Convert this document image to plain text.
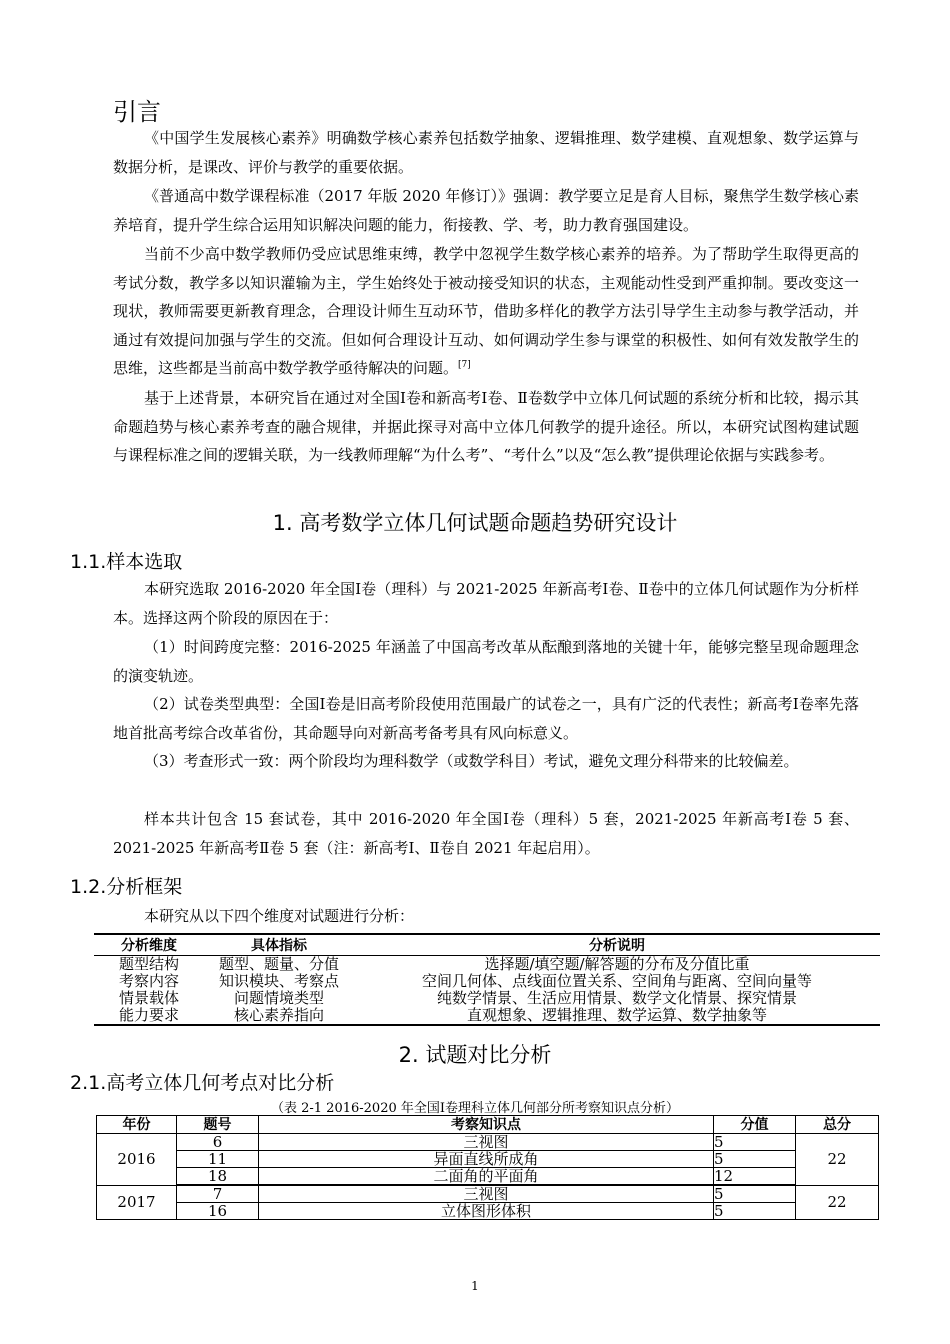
引言

《中国学生发展核心素养》明确数学核心素养包括数学抽象、逻辑推理、数学建模、直观想象、数学运算与数据分析，是课改、评价与教学的重要依据。

《普通高中数学课程标准（2017 年版 2020 年修订）》强调：教学要立足是育人目标，聚焦学生数学核心素养培育，提升学生综合运用知识解决问题的能力，衔接教、学、考，助力教育强国建设。

当前不少高中数学教师仍受应试思维束缚，教学中忽视学生数学核心素养的培养。为了帮助学生取得更高的考试分数，教学多以知识灌输为主，学生始终处于被动接受知识的状态，主观能动性受到严重抑制。要改变这一现状，教师需要更新教育理念，合理设计师生互动环节，借助多样化的教学方法引导学生主动参与教学活动，并通过有效提问加强与学生的交流。但如何合理设计互动、如何调动学生参与课堂的积极性、如何有效发散学生的思维，这些都是当前高中数学教学亟待解决的问题。[7]

基于上述背景，本研究旨在通过对全国Ⅰ卷和新高考Ⅰ卷、Ⅱ卷数学中立体几何试题的系统分析和比较，揭示其命题趋势与核心素养考查的融合规律，并据此探寻对高中立体几何教学的提升途径。所以，本研究试图构建试题与课程标准之间的逻辑关联，为一线教师理解“为什么考”、“考什么”以及“怎么教”提供理论依据与实践参考。

1. 高考数学立体几何试题命题趋势研究设计
1.1.样本选取

本研究选取 2016-2020 年全国Ⅰ卷（理科）与 2021-2025 年新高考Ⅰ卷、Ⅱ卷中的立体几何试题作为分析样本。选择这两个阶段的原因在于：

（1）时间跨度完整：2016-2025 年涵盖了中国高考改革从酝酿到落地的关键十年，能够完整呈现命题理念的演变轨迹。

（2）试卷类型典型：全国Ⅰ卷是旧高考阶段使用范围最广的试卷之一，具有广泛的代表性；新高考Ⅰ卷率先落地首批高考综合改革省份，其命题导向对新高考备考具有风向标意义。

（3）考查形式一致：两个阶段均为理科数学（或数学科目）考试，避免文理分科带来的比较偏差。

样本共计包含 15 套试卷，其中 2016-2020 年全国Ⅰ卷（理科）5 套，2021-2025 年新高考Ⅰ卷 5 套、2021-2025 年新高考Ⅱ卷 5 套（注：新高考Ⅰ、Ⅱ卷自 2021 年起启用）。

1.2.分析框架

本研究从以下四个维度对试题进行分析：

分析维度	具体指标	分析说明
题型结构	题型、题量、分值	选择题/填空题/解答题的分布及分值比重
考察内容	知识模块、考察点	空间几何体、点线面位置关系、空间角与距离、空间向量等
情景载体	问题情境类型	纯数学情景、生活应用情景、数学文化情景、探究情景
能力要求	核心素养指向	直观想象、逻辑推理、数学运算、数学抽象等
2. 试题对比分析
2.1.高考立体几何考点对比分析

（表 2-1 2016-2020 年全国Ⅰ卷理科立体几何部分所考察知识点分析）

年份	题号	考察知识点	分值	总分
2016	6	三视图	5	22
	11	异面直线所成角	5	
	18	二面角的平面角	12	
2017	7	三视图	5	22
	16	立体图形体积	5	

1
